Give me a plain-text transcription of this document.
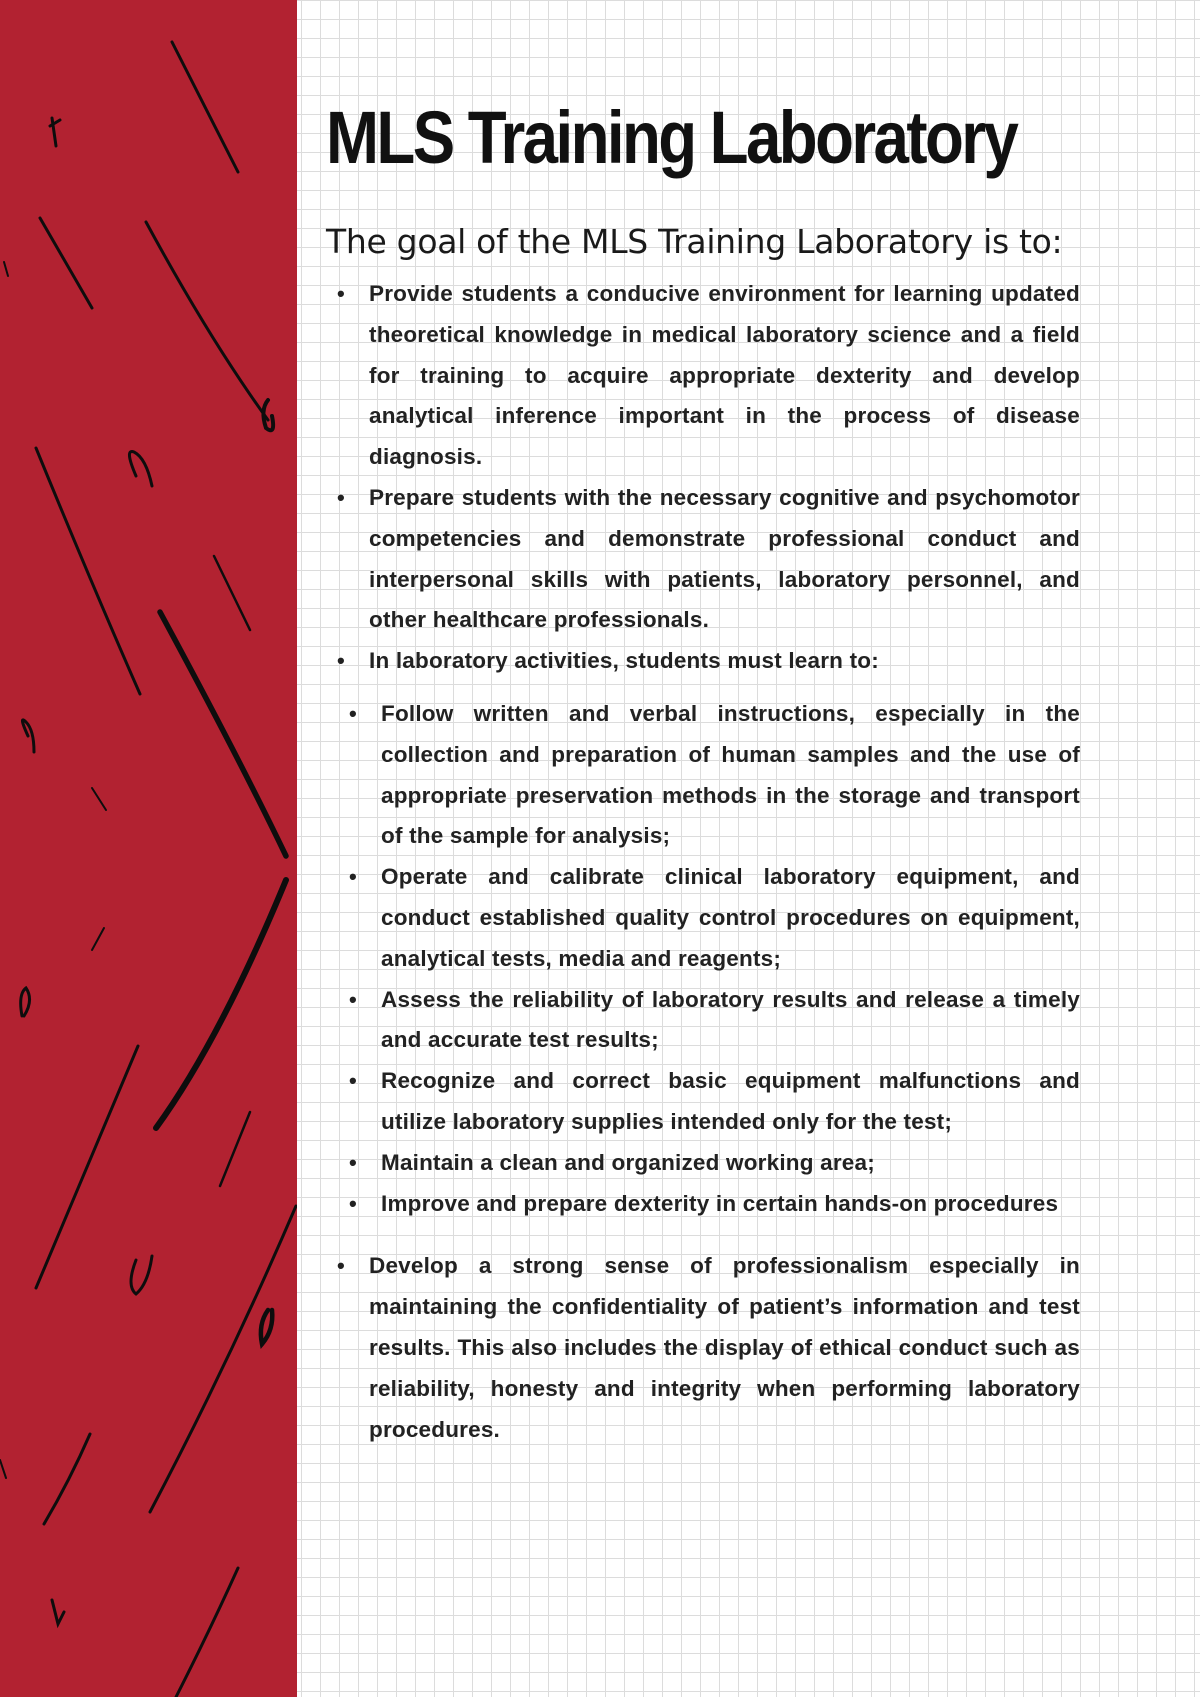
MLS Training Laboratory
The goal of the MLS Training Laboratory is to:
• Provide students a conducive environment for learning updated theoretical knowledge in medical laboratory science and a field for training to acquire appropriate dexterity and develop analytical inference important in the process of disease diagnosis.
• Prepare students with the necessary cognitive and psychomotor competencies and demonstrate professional conduct and interpersonal skills with patients, laboratory personnel, and other healthcare professionals.
• In laboratory activities, students must learn to:
• Follow written and verbal instructions, especially in the collection and preparation of human samples and the use of appropriate preservation methods in the storage and transport of the sample for analysis;
• Operate and calibrate clinical laboratory equipment, and conduct established quality control procedures on equipment, analytical tests, media and reagents;
• Assess the reliability of laboratory results and release a timely and accurate test results;
• Recognize and correct basic equipment malfunctions and utilize laboratory supplies intended only for the test;
• Maintain a clean and organized working area;
• Improve and prepare dexterity in certain hands-on procedures
• Develop a strong sense of professionalism especially in maintaining the confidentiality of patient’s information and test results. This also includes the display of ethical conduct such as reliability, honesty and integrity when performing laboratory procedures.
